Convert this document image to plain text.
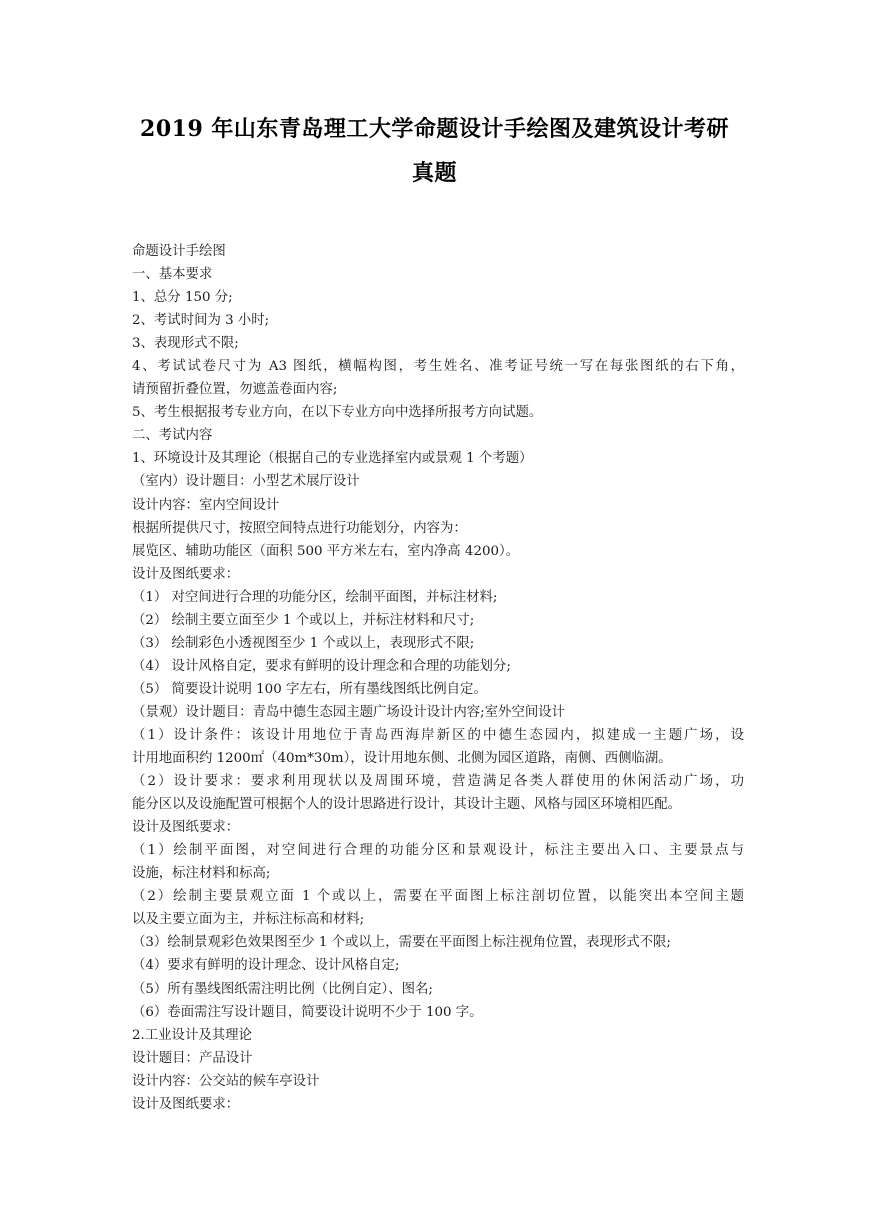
2019 年山东青岛理工大学命题设计手绘图及建筑设计考研
真题
命题设计手绘图
一、基本要求
1、总分 150 分;
2、考试时间为 3 小时;
3、表现形式不限;
4、考试试卷尺寸为 A3 图纸，横幅构图，考生姓名、准考证号统一写在每张图纸的右下角，
请预留折叠位置，勿遮盖卷面内容;
5、考生根据报考专业方向，在以下专业方向中选择所报考方向试题。
二、考试内容
1、环境设计及其理论（根据自己的专业选择室内或景观 1 个考题）
（室内）设计题目：小型艺术展厅设计
设计内容：室内空间设计
根据所提供尺寸，按照空间特点进行功能划分，内容为：
展览区、辅助功能区（面积 500 平方米左右，室内净高 4200）。
设计及图纸要求：
（1） 对空间进行合理的功能分区，绘制平面图，并标注材料;
（2） 绘制主要立面至少 1 个或以上，并标注材料和尺寸;
（3） 绘制彩色小透视图至少 1 个或以上，表现形式不限;
（4） 设计风格自定，要求有鲜明的设计理念和合理的功能划分;
（5） 简要设计说明 100 字左右，所有墨线图纸比例自定。
（景观）设计题目：青岛中德生态园主题广场设计设计内容;室外空间设计
（1）设计条件：该设计用地位于青岛西海岸新区的中德生态园内，拟建成一主题广场，设
计用地面积约 1200㎡（40m*30m），设计用地东侧、北侧为园区道路，南侧、西侧临湖。
（2）设计要求：要求利用现状以及周围环境，营造满足各类人群使用的休闲活动广场，功
能分区以及设施配置可根据个人的设计思路进行设计，其设计主题、风格与园区环境相匹配。
设计及图纸要求：
（1）绘制平面图，对空间进行合理的功能分区和景观设计，标注主要出入口、主要景点与
设施，标注材料和标高;
（2）绘制主要景观立面 1 个或以上，需要在平面图上标注剖切位置，以能突出本空间主题
以及主要立面为主，并标注标高和材料;
（3）绘制景观彩色效果图至少 1 个或以上，需要在平面图上标注视角位置，表现形式不限;
（4）要求有鲜明的设计理念、设计风格自定;
（5）所有墨线图纸需注明比例（比例自定）、图名;
（6）卷面需注写设计题目，简要设计说明不少于 100 字。
2.工业设计及其理论
设计题目：产品设计
设计内容：公交站的候车亭设计
设计及图纸要求：
